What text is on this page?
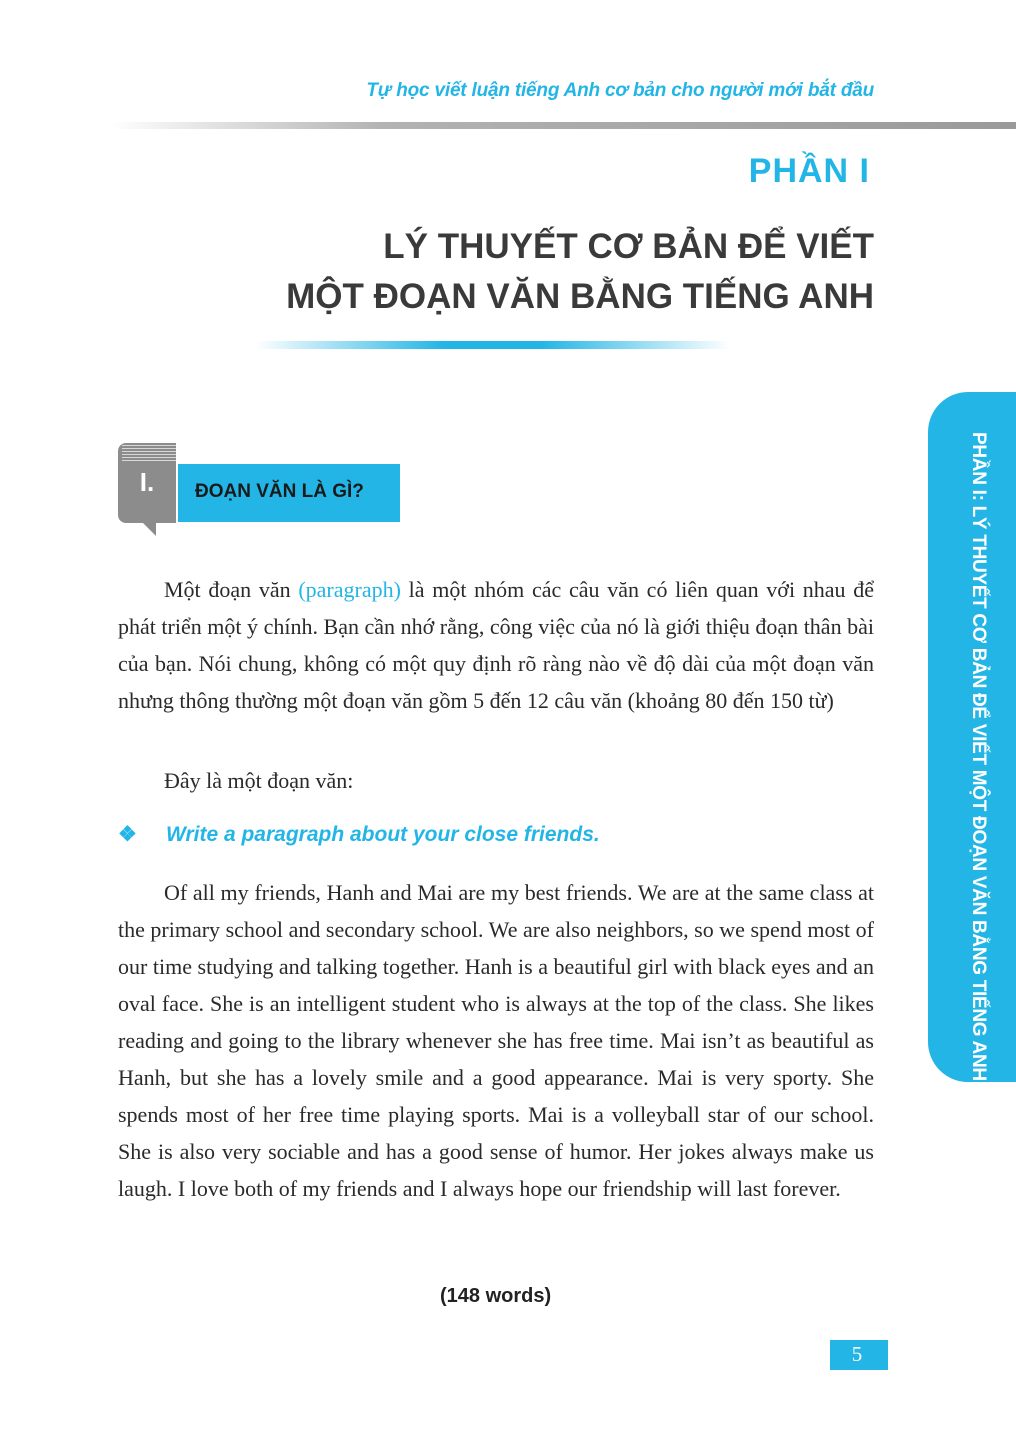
Tự học viết luận tiếng Anh cơ bản cho người mới bắt đầu
PHẦN I
LÝ THUYẾT CƠ BẢN ĐỂ VIẾT
MỘT ĐOẠN VĂN BẰNG TIẾNG ANH
PHẦN I: LÝ THUYẾT CƠ BẢN ĐỂ VIẾT MỘT ĐOẠN VĂN BẰNG TIẾNG ANH
I.	ĐOẠN VĂN LÀ GÌ?

Một đoạn văn (paragraph) là một nhóm các câu văn có liên quan với nhau để phát triển một ý chính. Bạn cần nhớ rằng, công việc của nó là giới thiệu đoạn thân bài của bạn. Nói chung, không có một quy định rõ ràng nào về độ dài của một đoạn văn nhưng thông thường một đoạn văn gồm 5 đến 12 câu văn (khoảng 80 đến 150 từ)

Đây là một đoạn văn:

❖ Write a paragraph about your close friends.

Of all my friends, Hanh and Mai are my best friends. We are at the same class at the primary school and secondary school. We are also neighbors, so we spend most of our time studying and talking together. Hanh is a beautiful girl with black eyes and an oval face. She is an intelligent student who is always at the top of the class. She likes reading and going to the library whenever she has free time. Mai isn’t as beautiful as Hanh, but she has a lovely smile and a good appearance. Mai is very sporty. She spends most of her free time playing sports. Mai is a volleyball star of our school. She is also very sociable and has a good sense of humor. Her jokes always make us laugh. I love both of my friends and I always hope our friendship will last forever.

(148 words)
5
